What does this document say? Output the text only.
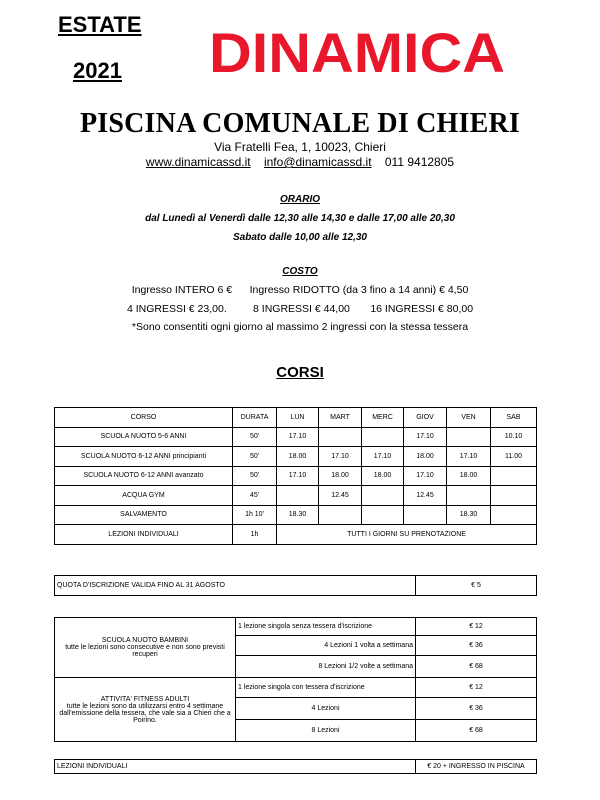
ESTATE
2021 DINAMICA
PISCINA COMUNALE DI CHIERI
Via Fratelli Fea, 1, 10023, Chieri
www.dinamicassd.it info@dinamicassd.it 011 9412805
ORARIO
dal Lunedì al Venerdì dalle 12,30 alle 14,30 e dalle 17,00 alle 20,30
Sabato dalle 10,00 alle 12,30
COSTO
Ingresso INTERO 6 € Ingresso RIDOTTO (da 3 fino a 14 anni) € 4,50
4 INGRESSI € 23,00.	8 INGRESSI € 44,00 16 INGRESSI € 80,00
*Sono consentiti ogni giorno al massimo 2 ingressi con la stessa tessera
CORSI
CORSO	DURATA	LUN	MART	MERC	GIOV	VEN	SAB
SCUOLA NUOTO 5-6 ANNI	50'	17.10			17.10		10.10
SCUOLA NUOTO 6-12 ANNI principianti	50'	18.00	17.10	17.10	18.00	17.10	11.00
SCUOLA NUOTO 6-12 ANNI avanzato	50'	17.10	18.00	18.00	17.10	18.00	
ACQUA GYM	45'		12.45		12.45		
SALVAMENTO	1h 10'	18.30				18.30	
LEZIONI INDIVIDUALI	1h	TUTTI I GIORNI SU PRENOTAZIONE					
QUOTA D'ISCRIZIONE VALIDA FINO AL 31 AGOSTO		€ 5

SCUOLA NUOTO BAMBINI
tutte le lezioni sono consecutive e non sono previsti recuperi	1 lezione singola senza tessera d'iscrizione	€ 12
	4 Lezioni 1 volta a settimana	€ 36
	8 Lezioni 1/2 volte a settimana	€ 68

ATTIVITA' FITNESS ADULTI
tutte le lezioni sono da utilizzarsi entro 4 settimane dall'emissione della tessera, che vale sia a Chieri che a Poirino.	1 lezione singola con tessera d'iscrizione	€ 12
	4 Lezioni	€ 36
	8 Lezioni	€ 68

LEZIONI INDIVIDUALI		€ 20 + INGRESSO IN PISCINA
